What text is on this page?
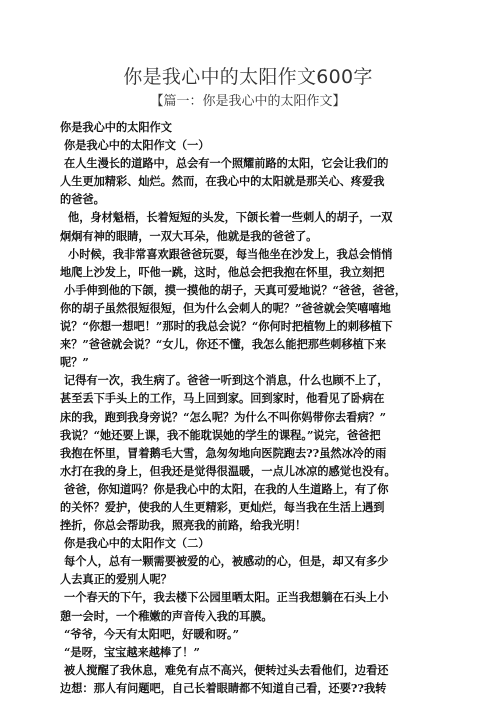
你是我心中的太阳作文600字
【篇一：你是我心中的太阳作文】
你是我心中的太阳作文
你是我心中的太阳作文（一）
在人生漫长的道路中，总会有一个照耀前路的太阳，它会让我们的
人生更加精彩、灿烂。然而，在我心中的太阳就是那关心、疼爱我
的爸爸。
他，身材魁梧，长着短短的头发，下颌长着一些刺人的胡子，一双
炯炯有神的眼睛，一双大耳朵，他就是我的爸爸了。
小时候，我非常喜欢跟爸爸玩耍，每当他坐在沙发上，我总会悄悄
地爬上沙发上，吓他一跳，这时，他总会把我抱在怀里，我立刻把
小手伸到他的下颌，摸一摸他的胡子，天真可爱地说？“爸爸，爸爸，
你的胡子虽然很短很短，但为什么会刺人的呢？”爸爸就会笑嘻嘻地
说？“你想一想吧！”那时的我总会说？“你何时把植物上的刺移植下
来？”爸爸就会说？“女儿，你还不懂，我怎么能把那些刺移植下来
呢？”
记得有一次，我生病了。爸爸一听到这个消息，什么也顾不上了，
甚至丢下手头上的工作，马上回到家。回到家时，他看见了卧病在
床的我，跑到我身旁说？“怎么呢？为什么不叫你妈带你去看病？”
我说？“她还要上课，我不能耽误她的学生的课程。”说完，爸爸把
我抱在怀里，冒着鹅毛大雪，急匆匆地向医院跑去??虽然冰冷的雨
水打在我的身上，但我还是觉得很温暖，一点儿冰凉的感觉也没有。
爸爸，你知道吗？你是我心中的太阳，在我的人生道路上，有了你
的关怀？爱护，使我的人生更精彩，更灿烂，每当我在生活上遇到
挫折，你总会帮助我，照亮我的前路，给我光明！
你是我心中的太阳作文（二）
每个人，总有一颗需要被爱的心，被感动的心，但是，却又有多少
人去真正的爱别人呢？
一个春天的下午，我去楼下公园里晒太阳。正当我想躺在石头上小
憩一会时，一个稚嫩的声音传入我的耳膜。
“爷爷，今天有太阳吧，好暖和呀。”
“是呀，宝宝越来越棒了！”
被人搅醒了我休息，难免有点不高兴，便转过头去看他们，边看还
边想：那人有问题吧，自己长着眼睛都不知道自己看，还要??我转
